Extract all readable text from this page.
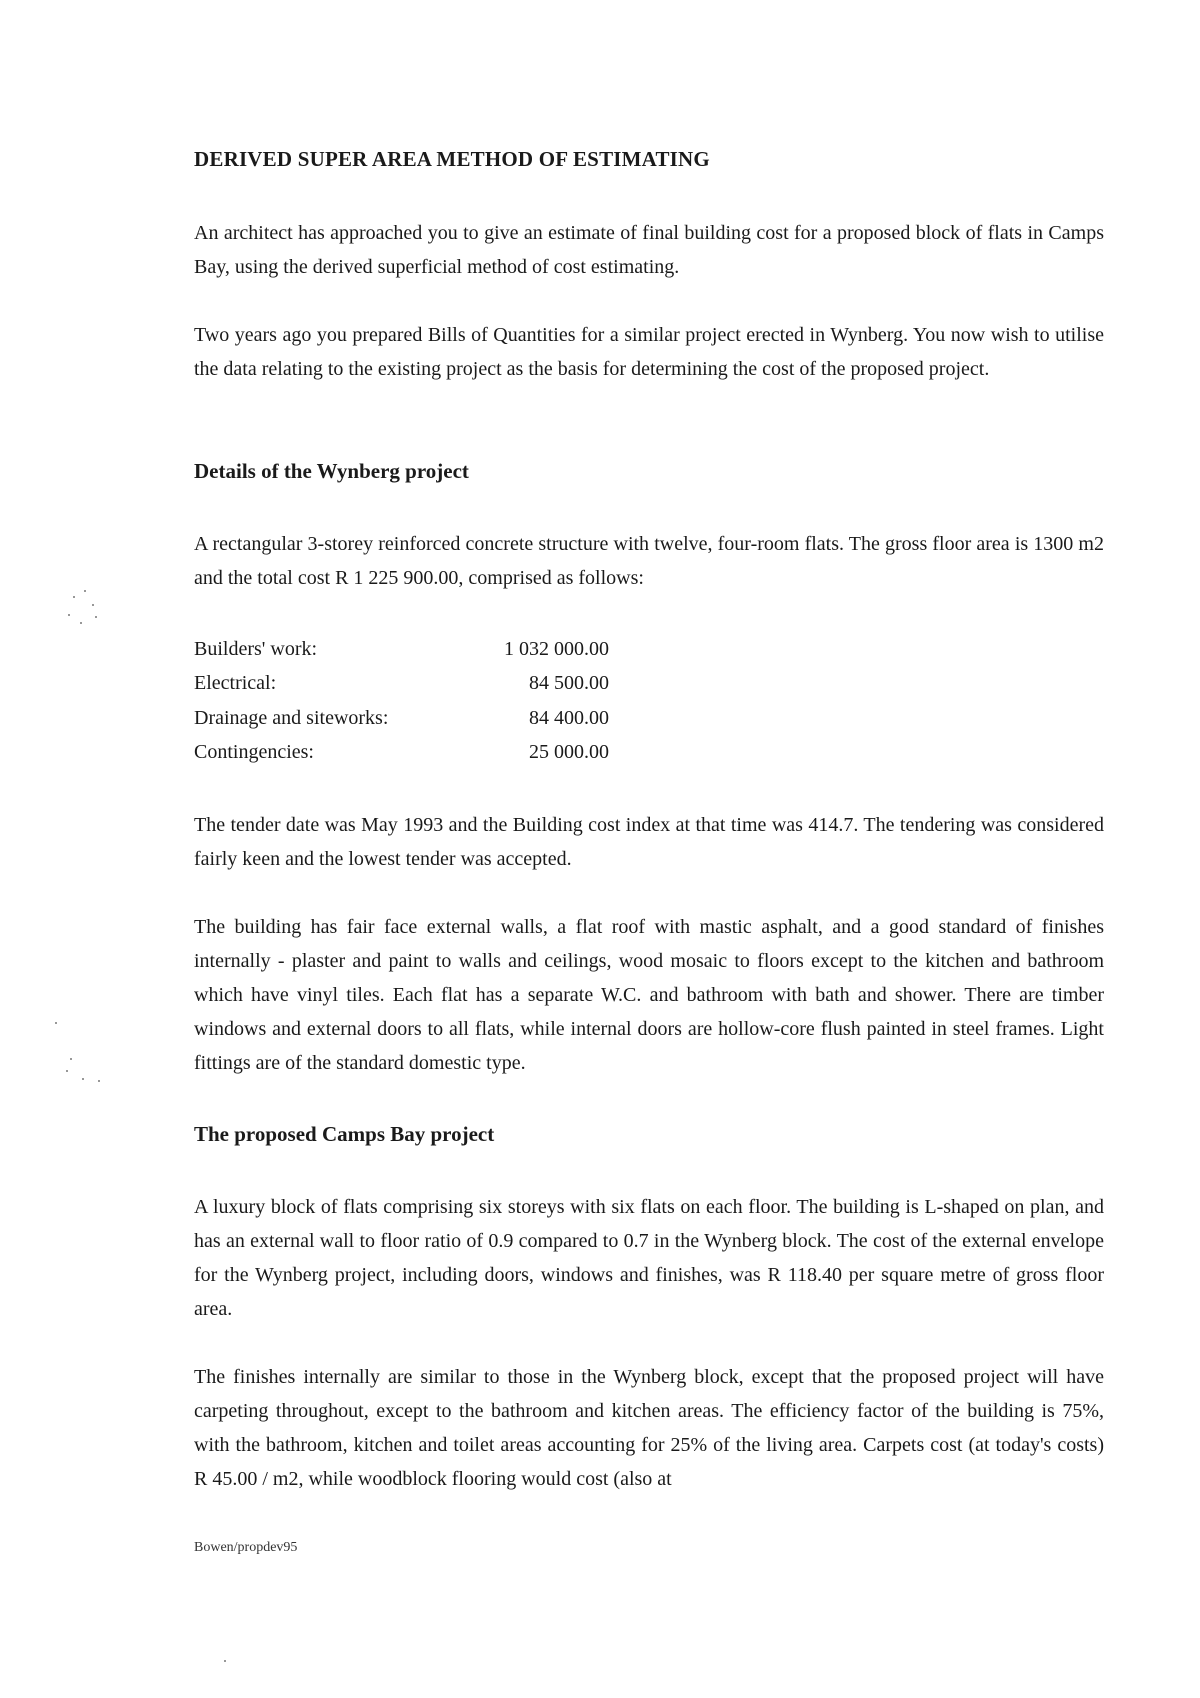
DERIVED SUPER AREA METHOD OF ESTIMATING

An architect has approached you to give an estimate of final building cost for a proposed block of flats in Camps Bay, using the derived superficial method of cost estimating.

Two years ago you prepared Bills of Quantities for a similar project erected in Wynberg. You now wish to utilise the data relating to the existing project as the basis for determining the cost of the proposed project.

Details of the Wynberg project

A rectangular 3-storey reinforced concrete structure with twelve, four-room flats. The gross floor area is 1300 m2 and the total cost R 1 225 900.00, comprised as follows:

Builders' work:	1 032 000.00
Electrical:	84 500.00
Drainage and siteworks:	84 400.00
Contingencies:	25 000.00

The tender date was May 1993 and the Building cost index at that time was 414.7. The tendering was considered fairly keen and the lowest tender was accepted.

The building has fair face external walls, a flat roof with mastic asphalt, and a good standard of finishes internally - plaster and paint to walls and ceilings, wood mosaic to floors except to the kitchen and bathroom which have vinyl tiles. Each flat has a separate W.C. and bathroom with bath and shower. There are timber windows and external doors to all flats, while internal doors are hollow-core flush painted in steel frames. Light fittings are of the standard domestic type.

The proposed Camps Bay project

A luxury block of flats comprising six storeys with six flats on each floor. The building is L-shaped on plan, and has an external wall to floor ratio of 0.9 compared to 0.7 in the Wynberg block. The cost of the external envelope for the Wynberg project, including doors, windows and finishes, was R 118.40 per square metre of gross floor area.

The finishes internally are similar to those in the Wynberg block, except that the proposed project will have carpeting throughout, except to the bathroom and kitchen areas. The efficiency factor of the building is 75%, with the bathroom, kitchen and toilet areas accounting for 25% of the living area. Carpets cost (at today's costs) R 45.00 / m2, while woodblock flooring would cost (also at

Bowen/propdev95
